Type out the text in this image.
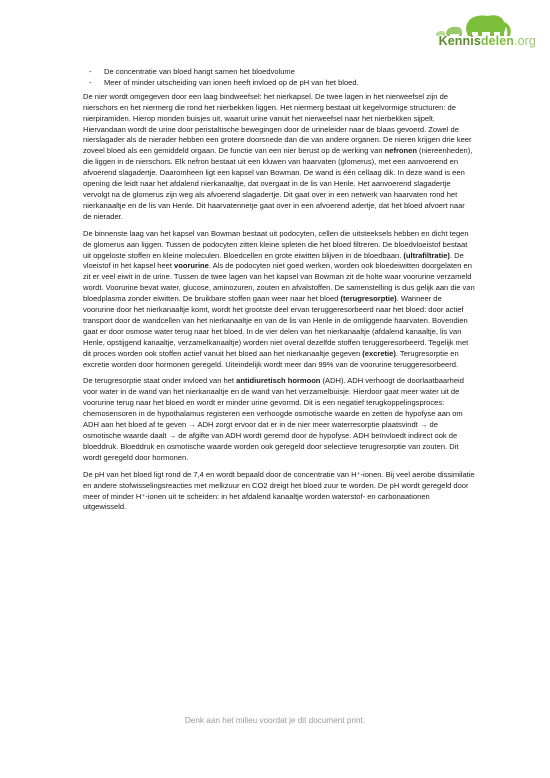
Kennisdelen.org
- De concentratie van bloed hangt samen het bloedvolume
- Meer of minder uitscheiding van ionen heeft invloed op de pH van het bloed.

De nier wordt omgegeven door een laag bindweefsel: het nierkapsel. De twee lagen in het nierweefsel zijn de nierschors en het niermerg die rond het nierbekken liggen. Het niermerg bestaat uit kegelvormige structuren: de nierpiramiden. Hierop monden buisjes uit, waaruit urine vanuit het nierweefsel naar het nierbekken sijpelt. Hiervandaan wordt de urine door peristaltische bewegingen door de urineleider naar de blaas gevoerd. Zowel de nierslagader als de nierader hebben een grotere doorsnede dan die van andere organen. De nieren krijgen drie keer zoveel bloed als een gemiddeld orgaan. De functie van een nier berust op de werking van nefronen (niereenheden), die liggen in de nierschors. Elk nefron bestaat uit een kluwen van haarvaten (glomerus), met een aanvoerend en afvoerend slagadertje. Daaromheen ligt een kapsel van Bowman. De wand is één cellaag dik. In deze wand is een opening die leidt naar het afdalend nierkanaaltje, dat overgaat in de lis van Henle. Het aanvoerend slagadertje vervolgt na de glomerus zijn weg als afvoerend slagadertje. Dit gaat over in een netwerk van haarvaten rond het nierkanaaltje en de lis van Henle. Dit haarvatennetje gaat over in een afvoerend adertje, dat het bloed afvoert naar de nierader.

De binnenste laag van het kapsel van Bowman bestaat uit podocyten, cellen die uitsteeksels hebben en dicht tegen de glomerus aan liggen. Tussen de podocyten zitten kleine spleten die het bloed filtreren. De bloedvloeistof bestaat uit opgeloste stoffen en kleine moleculen. Bloedcellen en grote eiwitten blijven in de bloedbaan. (ultrafiltratie). De vloeistof in het kapsel heet voorurine. Als de podocyten niet goed werken, worden ook bloedeiwitten doorgelaten en zit er veel eiwit in de urine. Tussen de twee lagen van het kapsel van Bowman zit de holte waar voorurine verzameld wordt. Voorurine bevat water, glucose, aminozuren, zouten en afvalstoffen. De samenstelling is dus gelijk aan die van bloedplasma zonder eiwitten. De bruikbare stoffen gaan weer naar het bloed (terugresorptie). Wanneer de voorurine door het nierkanaaltje komt, wordt het grootste deel ervan teruggeresorbeerd naar het bloed: door actief transport door de wandcellen van het nierkanaaltje en van de lis van Henle in de omliggende haarvaten. Bovendien gaat er door osmose water terug naar het bloed. In de vier delen van het nierkanaaltje (afdalend kanaaltje, lis van Henle, opstijgend kanaaltje, verzamelkanaaltje) worden niet overal dezelfde stoffen teruggeresorbeerd. Tegelijk met dit proces worden ook stoffen actief vanuit het bloed aan het nierkanaaltje gegeven (excretie). Terugresorptie en excretie worden door hormonen geregeld. Uiteindelijk wordt meer dan 99% van de voorurine teruggeresorbeerd.

De terugresorptie staat onder invloed van het antidiuretisch hormoon (ADH). ADH verhoogt de doorlaatbaarheid voor water in de wand van het nierkanaaltje en de wand van het verzamelbuisje. Hierdoor gaat meer water uit de voorurine terug naar het bloed en wordt er minder urine gevormd. Dit is een negatief terugkoppelingsproces: chemosensoren in de hypothalamus registeren een verhoogde osmotische waarde en zetten de hypofyse aan om ADH aan het bloed af te geven → ADH zorgt ervoor dat er in de nier meer waterresorptie plaatsvindt → de osmotische waarde daalt → de afgifte van ADH wordt geremd door de hypofyse. ADH beïnvloedt indirect ook de bloeddruk. Bloeddruk en osmotische waarde worden ook geregeld door selectieve terugresorptie van zouten. Dit wordt geregeld door hormonen.

De pH van het bloed ligt rond de 7,4 en wordt bepaald door de concentratie van H⁺-ionen. Bij veel aerobe dissimilatie en andere stofwisselingsreacties met melkzuur en CO2 dreigt het bloed zuur te worden. De pH wordt geregeld door meer of minder H⁺-ionen uit te scheiden: in het afdalend kanaaltje worden waterstof- en carbonaationen uitgewisseld.

Denk aan het milieu voordat je dit document print.
